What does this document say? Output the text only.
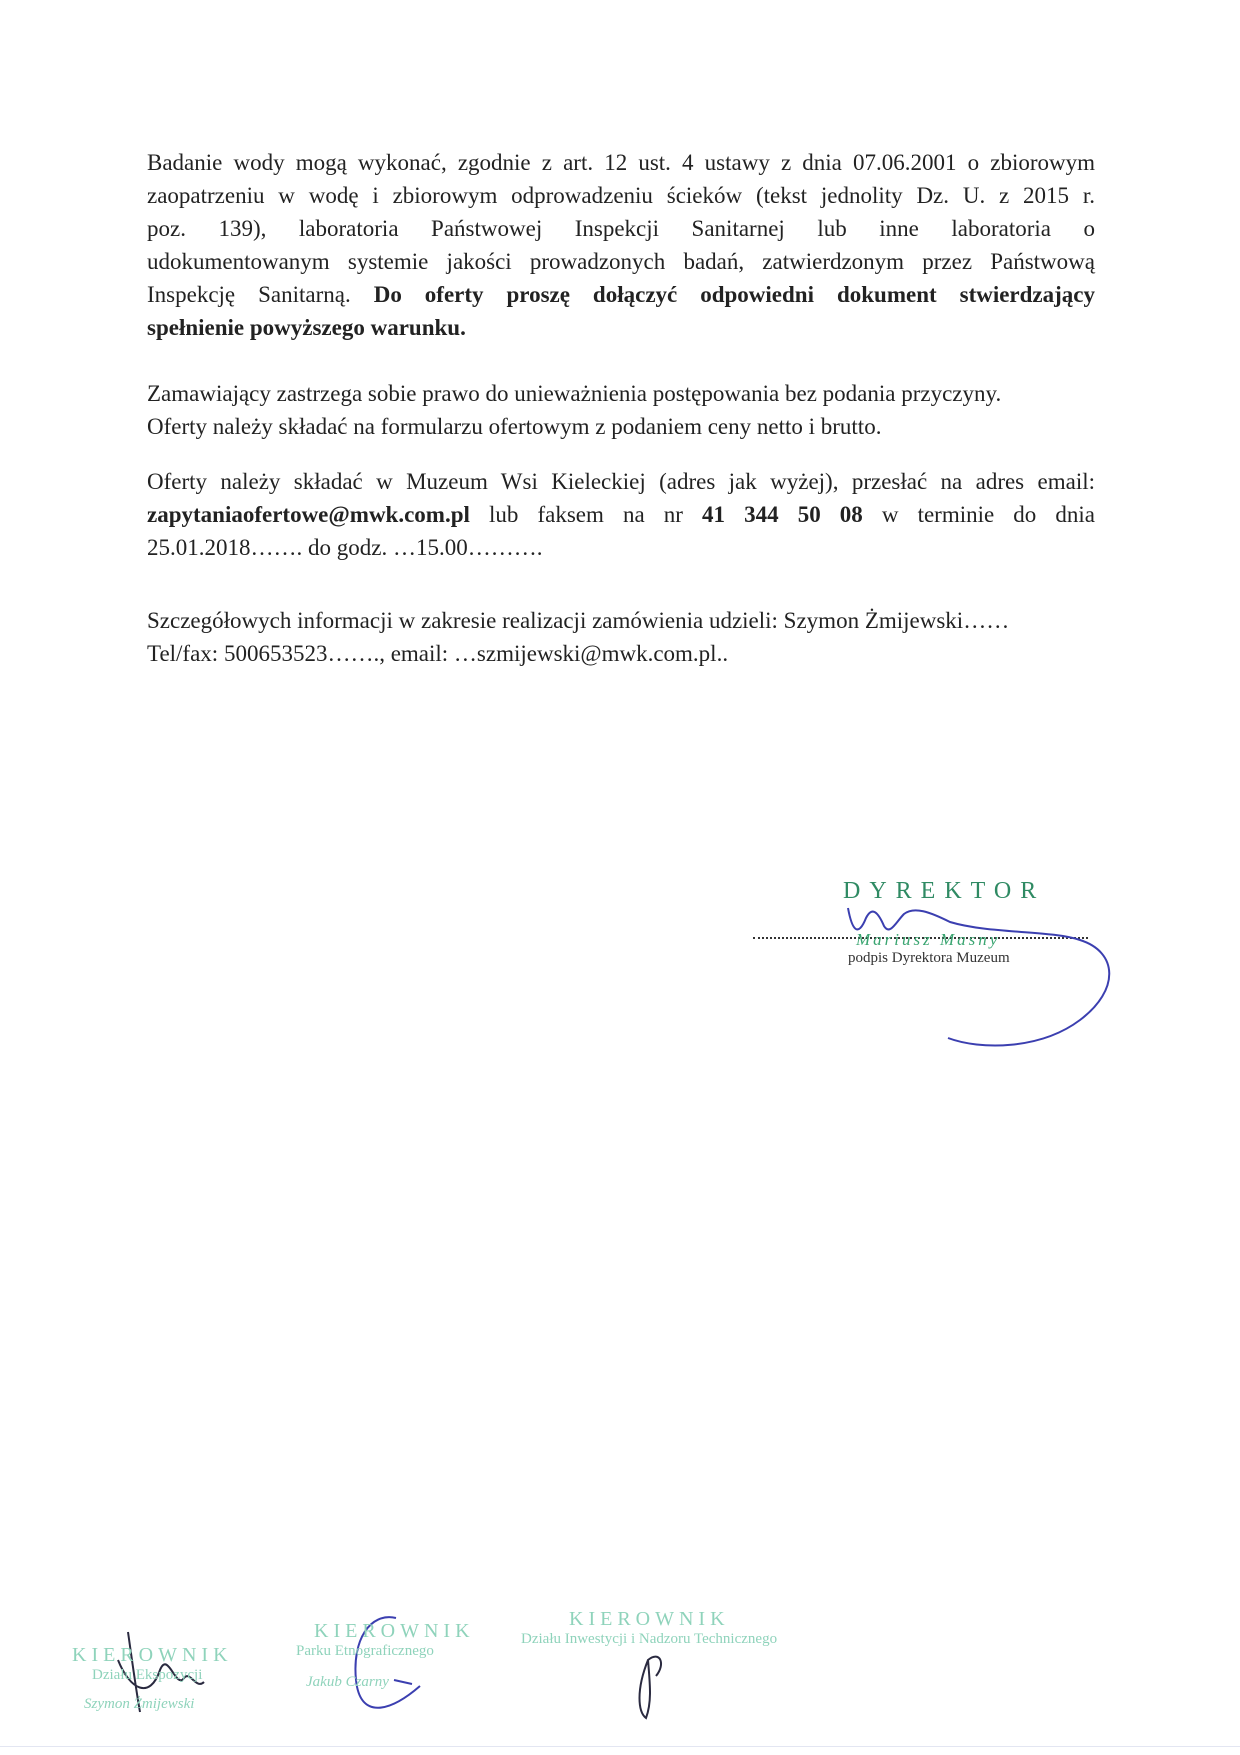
Badanie wody mogą wykonać, zgodnie z art. 12 ust. 4 ustawy z dnia 07.06.2001 o zbiorowym
zaopatrzeniu w wodę i zbiorowym odprowadzeniu ścieków (tekst jednolity Dz. U. z 2015 r.
poz. 139), laboratoria Państwowej Inspekcji Sanitarnej lub inne laboratoria o
udokumentowanym systemie jakości prowadzonych badań, zatwierdzonym przez Państwową
Inspekcję Sanitarną. Do oferty proszę dołączyć odpowiedni dokument stwierdzający
spełnienie powyższego warunku.
Zamawiający zastrzega sobie prawo do unieważnienia postępowania bez podania przyczyny.
Oferty należy składać na formularzu ofertowym z podaniem ceny netto i brutto.
Oferty należy składać w Muzeum Wsi Kieleckiej (adres jak wyżej), przesłać na adres email:
zapytaniaofertowe@mwk.com.pl lub faksem na nr 41 344 50 08 w terminie do dnia
25.01.2018……. do godz. …15.00……….
Szczegółowych informacji w zakresie realizacji zamówienia udzieli: Szymon Żmijewski……
Tel/fax: 500653523……., email: …szmijewski@mwk.com.pl..
DYREKTOR
Mariusz Masny
podpis Dyrektora Muzeum
KIEROWNIK
Działu Ekspozycji
Szymon Żmijewski
KIEROWNIK
Parku Etnograficznego
Jakub Czarny
KIEROWNIK
Działu Inwestycji i Nadzoru Technicznego
